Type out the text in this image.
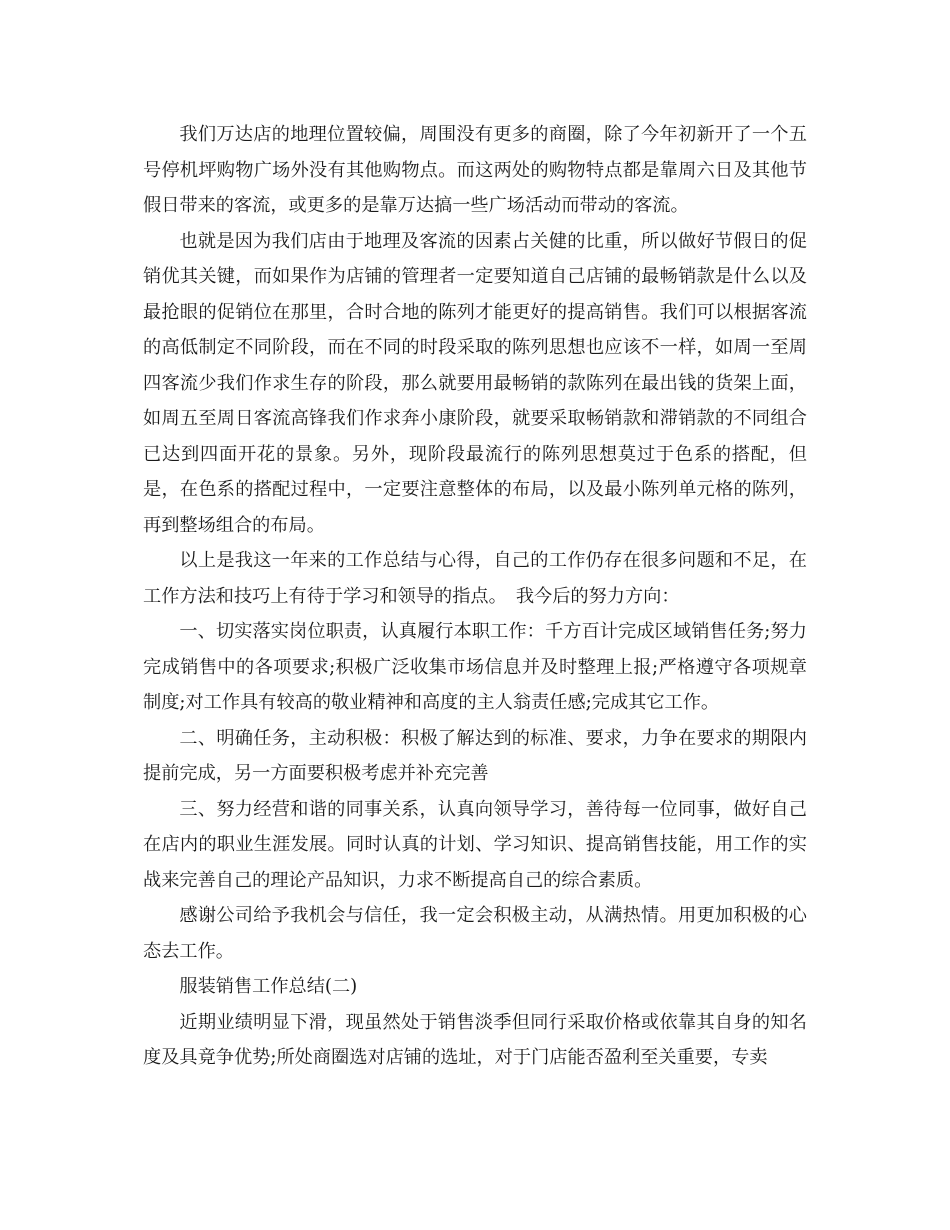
我们万达店的地理位置较偏，周围没有更多的商圈，除了今年初新开了一个五号停机坪购物广场外没有其他购物点。而这两处的购物特点都是靠周六日及其他节假日带来的客流，或更多的是靠万达搞一些广场活动而带动的客流。

也就是因为我们店由于地理及客流的因素占关健的比重，所以做好节假日的促销优其关键，而如果作为店铺的管理者一定要知道自己店铺的最畅销款是什么以及最抢眼的促销位在那里，合时合地的陈列才能更好的提高销售。我们可以根据客流的高低制定不同阶段，而在不同的时段采取的陈列思想也应该不一样，如周一至周四客流少我们作求生存的阶段，那么就要用最畅销的款陈列在最出钱的货架上面，如周五至周日客流高锋我们作求奔小康阶段，就要采取畅销款和滞销款的不同组合已达到四面开花的景象。另外，现阶段最流行的陈列思想莫过于色系的搭配，但是，在色系的搭配过程中，一定要注意整体的布局，以及最小陈列单元格的陈列，再到整场组合的布局。

以上是我这一年来的工作总结与心得，自己的工作仍存在很多问题和不足，在工作方法和技巧上有待于学习和领导的指点。　我今后的努力方向：

一、切实落实岗位职责，认真履行本职工作：千方百计完成区域销售任务;努力完成销售中的各项要求;积极广泛收集市场信息并及时整理上报;严格遵守各项规章制度;对工作具有较高的敬业精神和高度的主人翁责任感;完成其它工作。

二、明确任务，主动积极：积极了解达到的标准、要求，力争在要求的期限内提前完成，另一方面要积极考虑并补充完善

三、努力经营和谐的同事关系，认真向领导学习，善待每一位同事，做好自己在店内的职业生涯发展。同时认真的计划、学习知识、提高销售技能，用工作的实战来完善自己的理论产品知识，力求不断提高自己的综合素质。

感谢公司给予我机会与信任，我一定会积极主动，从满热情。用更加积极的心态去工作。

服装销售工作总结(二)

近期业绩明显下滑，现虽然处于销售淡季但同行采取价格或依靠其自身的知名度及具竟争优势;所处商圈选对店铺的选址，对于门店能否盈利至关重要，专卖
